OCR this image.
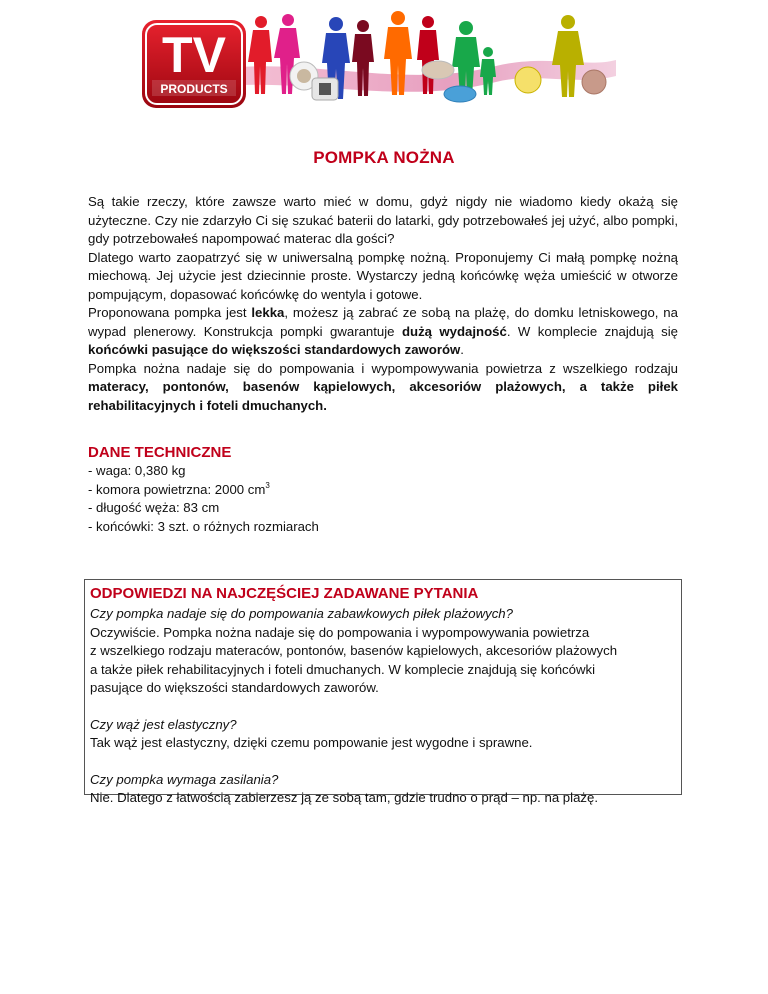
TV
PRODUCTS
POMPKA NOŻNA

Są takie rzeczy, które zawsze warto mieć w domu, gdyż nigdy nie wiadomo kiedy okażą się użyteczne. Czy nie zdarzyło Ci się szukać baterii do latarki, gdy potrzebowałeś jej użyć, albo pompki, gdy potrzebowałeś napompować materac dla gości?

Dlatego warto zaopatrzyć się w uniwersalną pompkę nożną. Proponujemy Ci małą pompkę nożną miechową. Jej użycie jest dziecinnie proste. Wystarczy jedną końcówkę węża umieścić w otworze pompującym, dopasować końcówkę do wentyla i gotowe.

Proponowana pompka jest lekka, możesz ją zabrać ze sobą na plażę, do domku letniskowego, na wypad plenerowy. Konstrukcja pompki gwarantuje dużą wydajność. W komplecie znajdują się końcówki pasujące do większości standardowych zaworów.

Pompka nożna nadaje się do pompowania i wypompowywania powietrza z wszelkiego rodzaju materacy, pontonów, basenów kąpielowych, akcesoriów plażowych, a także piłek rehabilitacyjnych i foteli dmuchanych.

DANE TECHNICZNE
- waga: 0,380 kg
- komora powietrzna: 2000 $cm^3$
- długość węża: 83 cm
- końcówki: 3 szt. o różnych rozmiarach
ODPOWIEDZI NA NAJCZĘŚCIEJ ZADAWANE PYTANIA
Czy pompka nadaje się do pompowania zabawkowych piłek plażowych?
Oczywiście. Pompka nożna nadaje się do pompowania i wypompowywania powietrza
z wszelkiego rodzaju materaców, pontonów, basenów kąpielowych, akcesoriów plażowych
a także piłek rehabilitacyjnych i foteli dmuchanych. W komplecie znajdują się końcówki
pasujące do większości standardowych zaworów.
Czy wąż jest elastyczny?
Tak wąż jest elastyczny, dzięki czemu pompowanie jest wygodne i sprawne.
Czy pompka wymaga zasilania?
Nie. Dlatego z łatwością zabierzesz ją ze sobą tam, gdzie trudno o prąd – np. na plażę.
